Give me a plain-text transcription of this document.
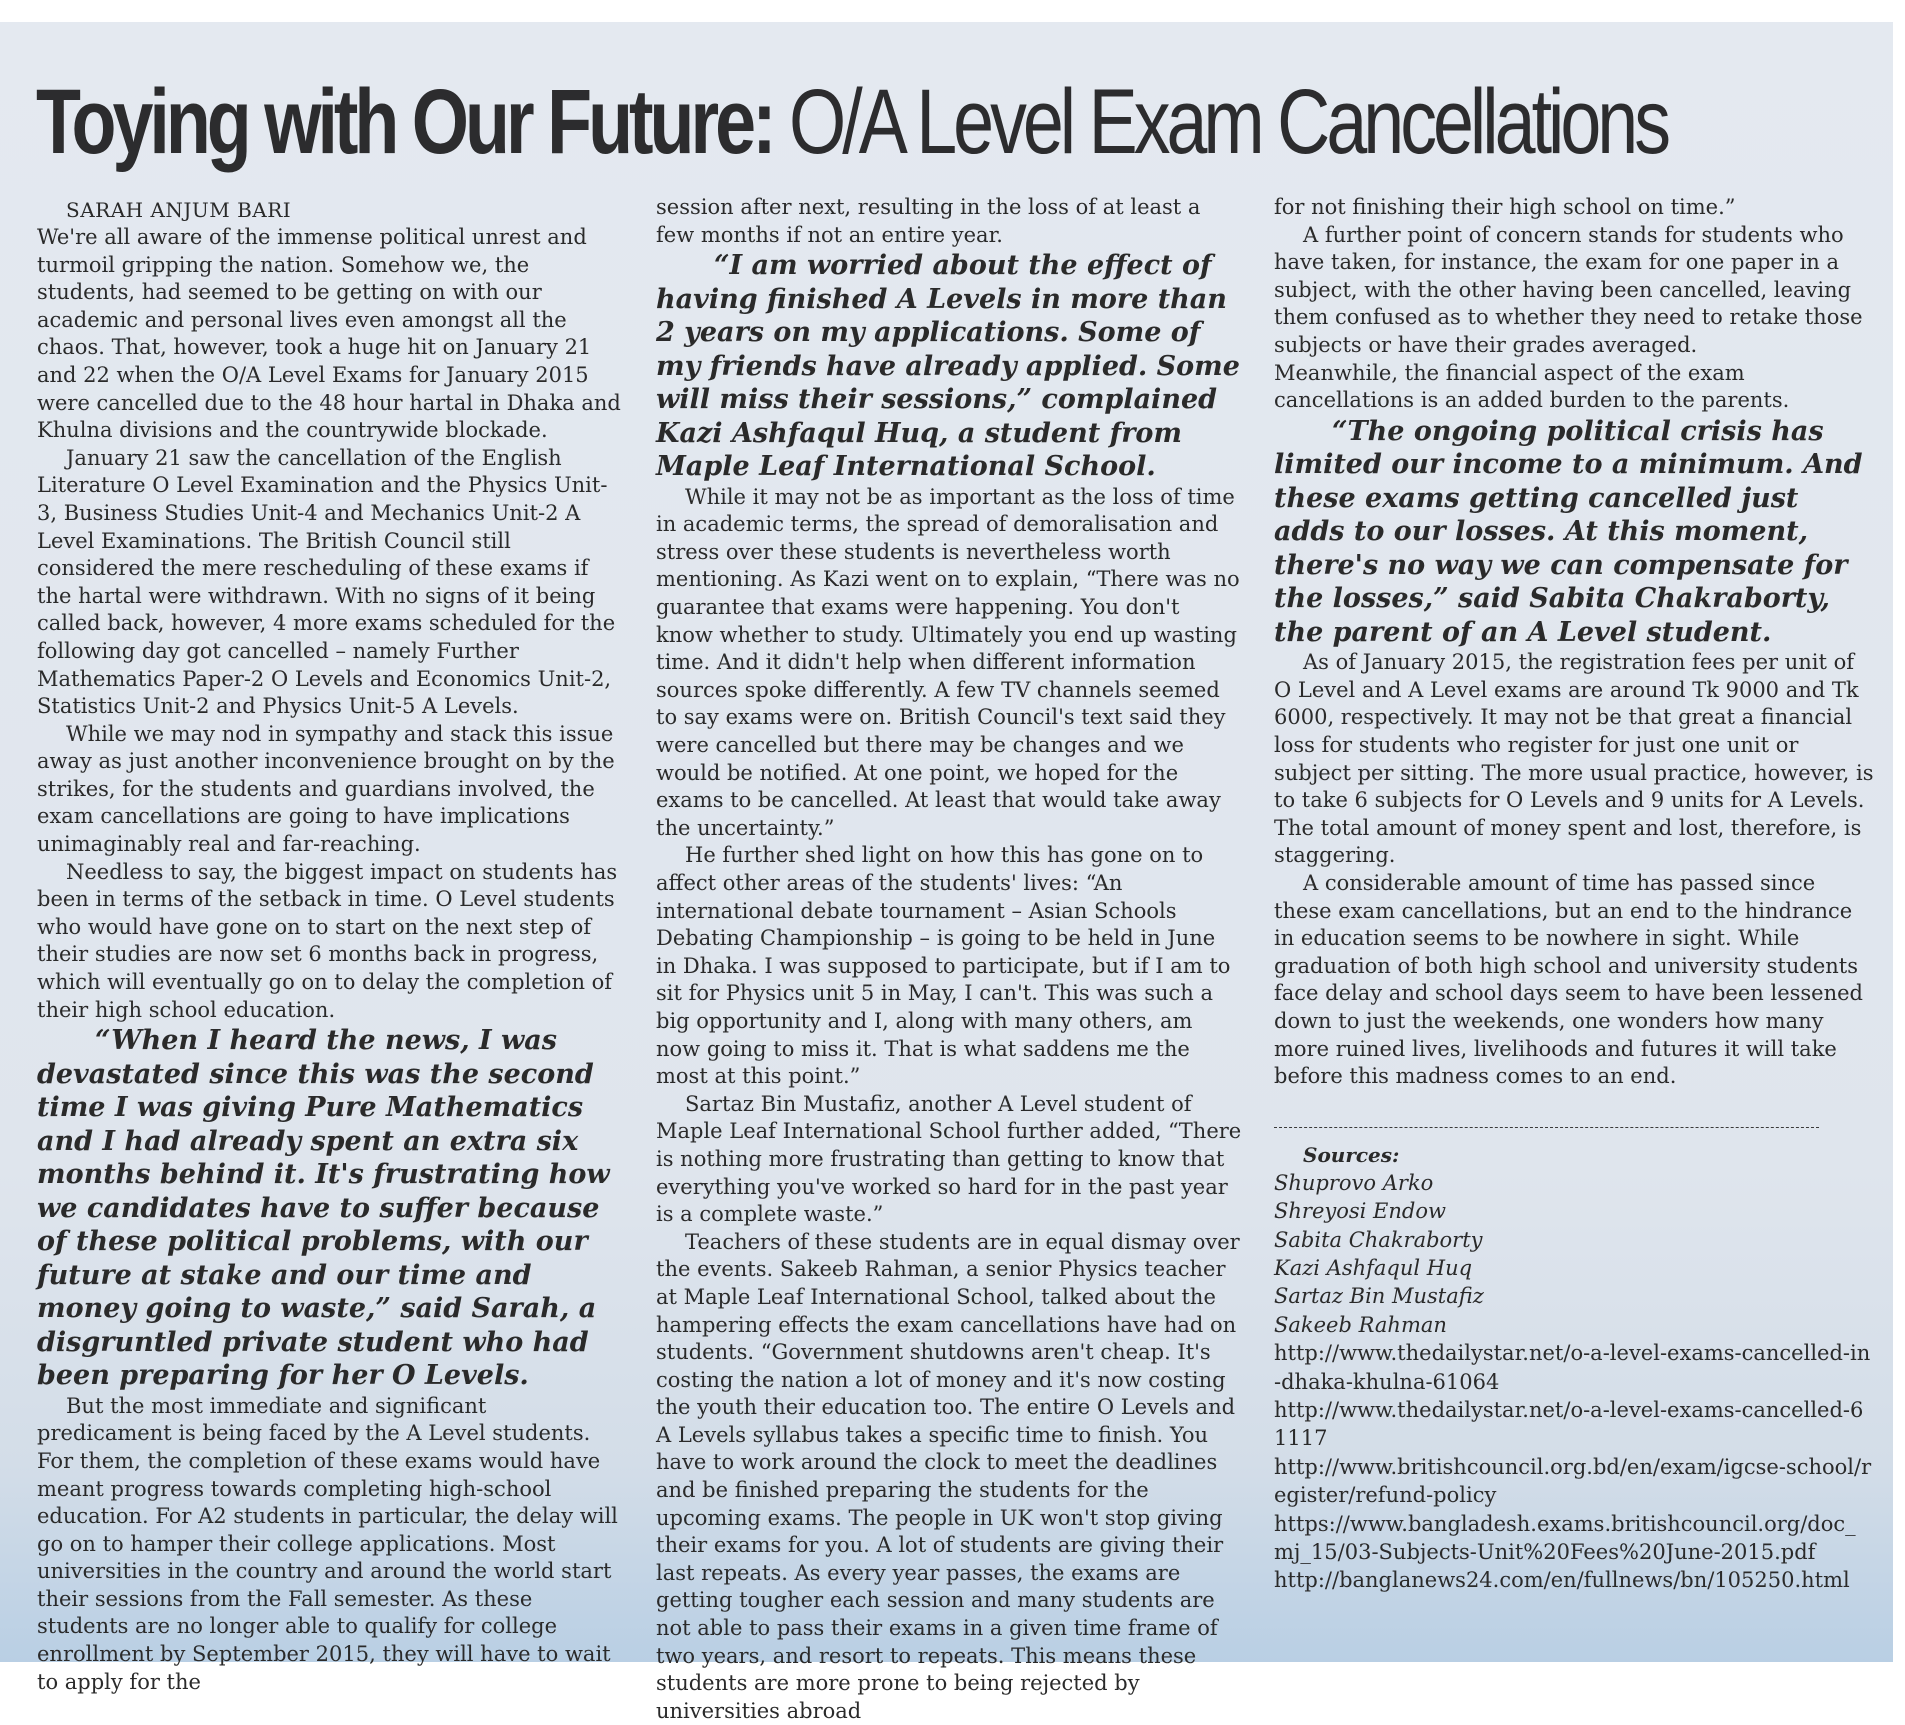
Toying with Our Future: O/A Level Exam Cancellations

SARAH ANJUM BARI

We're all aware of the immense political unrest and turmoil gripping the nation. Somehow we, the students, had seemed to be getting on with our academic and personal lives even amongst all the chaos. That, however, took a huge hit on January 21 and 22 when the O/A Level Exams for January 2015 were cancelled due to the 48 hour hartal in Dhaka and Khulna divisions and the countrywide blockade.

January 21 saw the cancellation of the English Literature O Level Examination and the Physics Unit-3, Business Studies Unit-4 and Mechanics Unit-2 A Level Examinations. The British Council still considered the mere rescheduling of these exams if the hartal were withdrawn. With no signs of it being called back, however, 4 more exams scheduled for the following day got cancelled – namely Further Mathematics Paper-2 O Levels and Economics Unit-2, Statistics Unit-2 and Physics Unit-5 A Levels.

While we may nod in sympathy and stack this issue away as just another inconvenience brought on by the strikes, for the students and guardians involved, the exam cancellations are going to have implications unimaginably real and far-reaching.

Needless to say, the biggest impact on students has been in terms of the setback in time. O Level students who would have gone on to start on the next step of their studies are now set 6 months back in progress, which will eventually go on to delay the completion of their high school education.

“When I heard the news, I was devastated since this was the second time I was giving Pure Mathematics and I had already spent an extra six months behind it. It's frustrating how we candidates have to suffer because of these political problems, with our future at stake and our time and money going to waste,” said Sarah, a disgruntled private student who had been preparing for her O Levels.

But the most immediate and significant predicament is being faced by the A Level students. For them, the completion of these exams would have meant progress towards completing high-school education. For A2 students in particular, the delay will go on to hamper their college applications. Most universities in the country and around the world start their sessions from the Fall semester. As these students are no longer able to qualify for college enrollment by September 2015, they will have to wait to apply for the

session after next, resulting in the loss of at least a few months if not an entire year.

“I am worried about the effect of having finished A Levels in more than 2 years on my applications. Some of my friends have already applied. Some will miss their sessions,” complained Kazi Ashfaqul Huq, a student from Maple Leaf International School.

While it may not be as important as the loss of time in academic terms, the spread of demoralisation and stress over these students is nevertheless worth mentioning. As Kazi went on to explain, “There was no guarantee that exams were happening. You don't know whether to study. Ultimately you end up wasting time. And it didn't help when different information sources spoke differently. A few TV channels seemed to say exams were on. British Council's text said they were cancelled but there may be changes and we would be notified. At one point, we hoped for the exams to be cancelled. At least that would take away the uncertainty.”

He further shed light on how this has gone on to affect other areas of the students' lives: “An international debate tournament – Asian Schools Debating Championship – is going to be held in June in Dhaka. I was supposed to participate, but if I am to sit for Physics unit 5 in May, I can't. This was such a big opportunity and I, along with many others, am now going to miss it. That is what saddens me the most at this point.”

Sartaz Bin Mustafiz, another A Level student of Maple Leaf International School further added, “There is nothing more frustrating than getting to know that everything you've worked so hard for in the past year is a complete waste.”

Teachers of these students are in equal dismay over the events. Sakeeb Rahman, a senior Physics teacher at Maple Leaf International School, talked about the hampering effects the exam cancellations have had on students. “Government shutdowns aren't cheap. It's costing the nation a lot of money and it's now costing the youth their education too. The entire O Levels and A Levels syllabus takes a specific time to finish. You have to work around the clock to meet the deadlines and be finished preparing the students for the upcoming exams. The people in UK won't stop giving their exams for you. A lot of students are giving their last repeats. As every year passes, the exams are getting tougher each session and many students are not able to pass their exams in a given time frame of two years, and resort to repeats. This means these students are more prone to being rejected by universities abroad

for not finishing their high school on time.”

A further point of concern stands for students who have taken, for instance, the exam for one paper in a subject, with the other having been cancelled, leaving them confused as to whether they need to retake those subjects or have their grades averaged.

Meanwhile, the financial aspect of the exam cancellations is an added burden to the parents.

“The ongoing political crisis has limited our income to a minimum. And these exams getting cancelled just adds to our losses. At this moment, there's no way we can compensate for the losses,” said Sabita Chakraborty, the parent of an A Level student.

As of January 2015, the registration fees per unit of O Level and A Level exams are around Tk 9000 and Tk 6000, respectively. It may not be that great a financial loss for students who register for just one unit or subject per sitting. The more usual practice, however, is to take 6 subjects for O Levels and 9 units for A Levels. The total amount of money spent and lost, therefore, is staggering.

A considerable amount of time has passed since these exam cancellations, but an end to the hindrance in education seems to be nowhere in sight. While graduation of both high school and university students face delay and school days seem to have been lessened down to just the weekends, one wonders how many more ruined lives, livelihoods and futures it will take before this madness comes to an end.

Sources:

Shuprovo Arko
Shreyosi Endow
Sabita Chakraborty
Kazi Ashfaqul Huq
Sartaz Bin Mustafiz
Sakeeb Rahman
http://www.thedailystar.net/o-a-level-exams-cancelled-in-dhaka-khulna-61064
http://www.thedailystar.net/o-a-level-exams-cancelled-61117
http://www.britishcouncil.org.bd/en/exam/igcse-school/register/refund-policy
https://www.bangladesh.exams.britishcouncil.org/doc_mj_15/03-Subjects-Unit%20Fees%20June-2015.pdf
http://banglanews24.com/en/fullnews/bn/105250.html
